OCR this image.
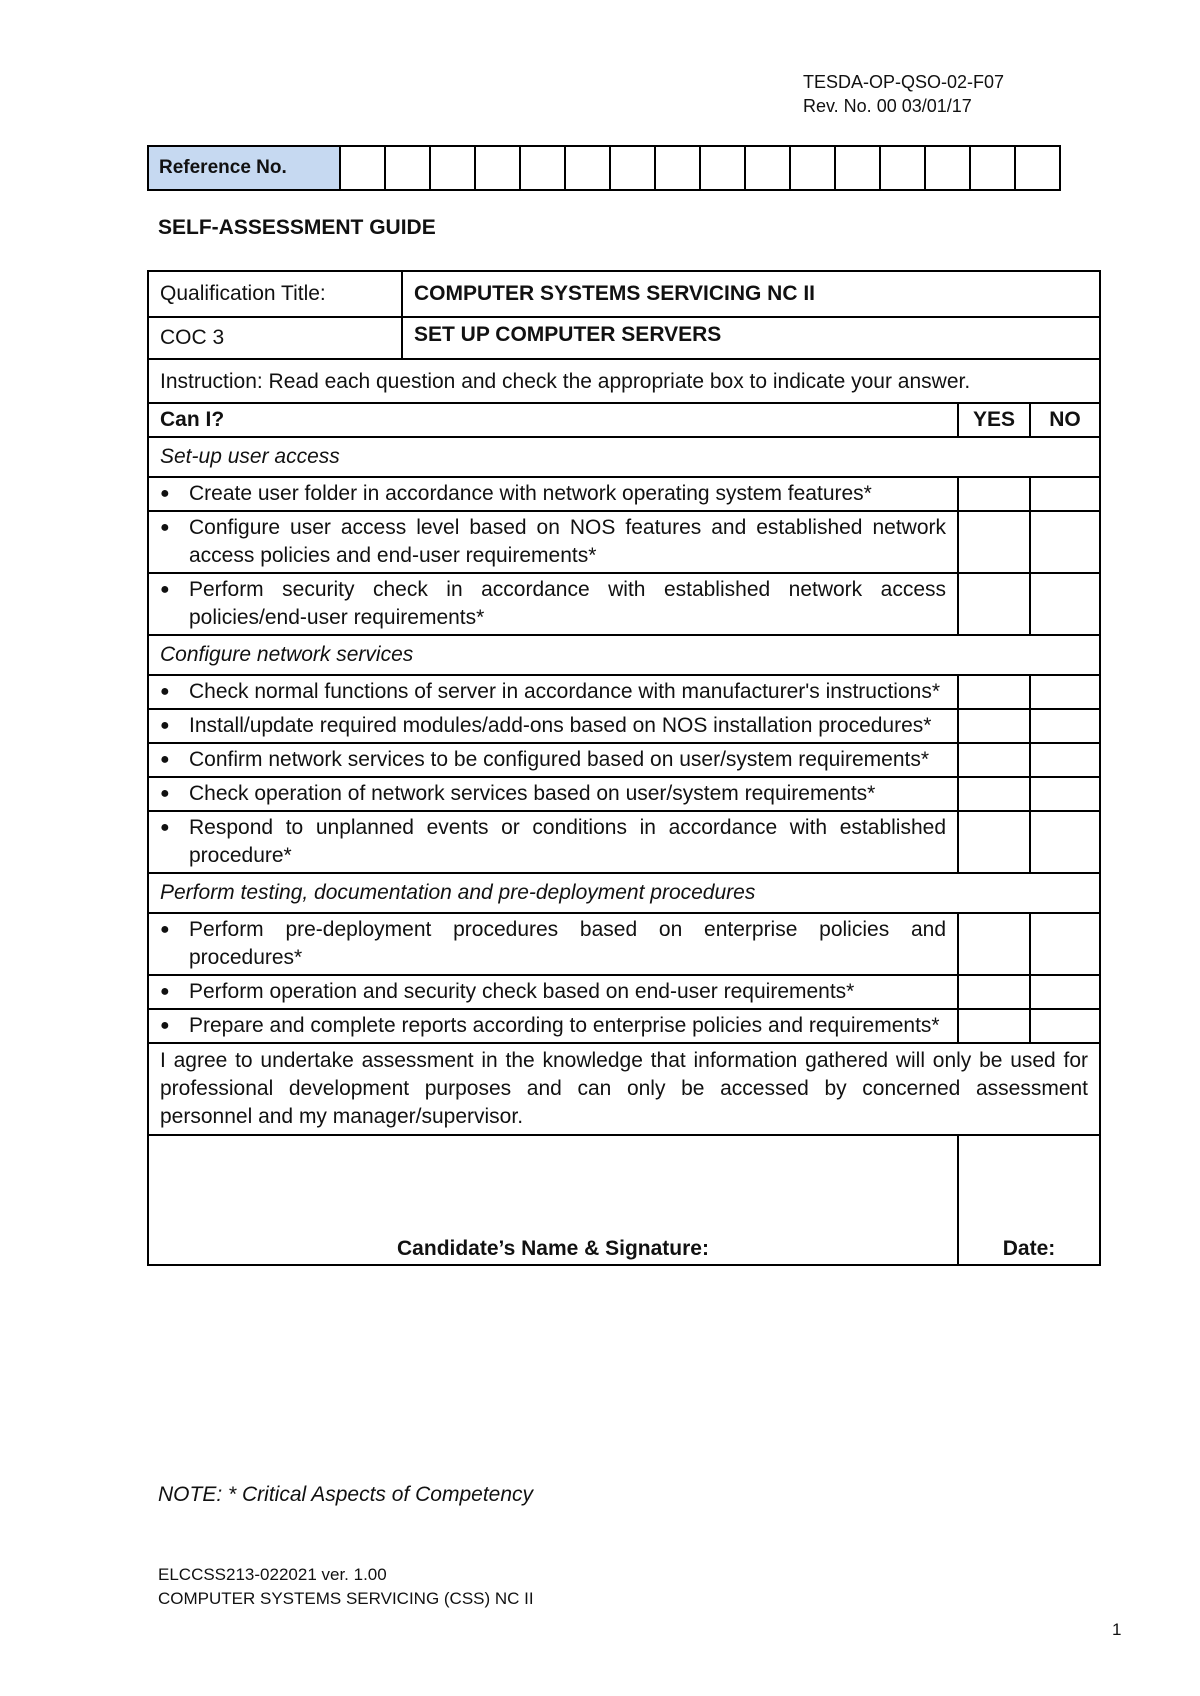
TESDA-OP-QSO-02-F07
Rev. No. 00 03/01/17
Reference No.																
SELF-ASSESSMENT GUIDE
Qualification Title:	COMPUTER SYSTEMS SERVICING NC II		
COC 3	SET UP COMPUTER SERVERS		
Instruction: Read each question and check the appropriate box to indicate your answer.			
Can I?		YES	NO
Set-up user access			

● Create user folder in accordance with network operating system features*			

● Configure user access level based on NOS features and established network access policies and end-user requirements*			

● Perform security check in accordance with established network access policies/end-user requirements*			

Configure network services			

● Check normal functions of server in accordance with manufacturer's instructions*			

● Install/update required modules/add-ons based on NOS installation procedures*			

● Confirm network services to be configured based on user/system requirements*			

● Check operation of network services based on user/system requirements*			

● Respond to unplanned events or conditions in accordance with established procedure*			

Perform testing, documentation and pre-deployment procedures			

● Perform pre-deployment procedures based on enterprise policies and procedures*			

● Perform operation and security check based on end-user requirements*			

● Prepare and complete reports according to enterprise policies and requirements*			

I agree to undertake assessment in the knowledge that information gathered will only be used for professional development purposes and can only be accessed by concerned assessment personnel and my manager/supervisor.			

Candidate’s Name & Signature:		Date:	
NOTE: * Critical Aspects of Competency
ELCCSS213-022021 ver. 1.00
COMPUTER SYSTEMS SERVICING (CSS) NC II
1
